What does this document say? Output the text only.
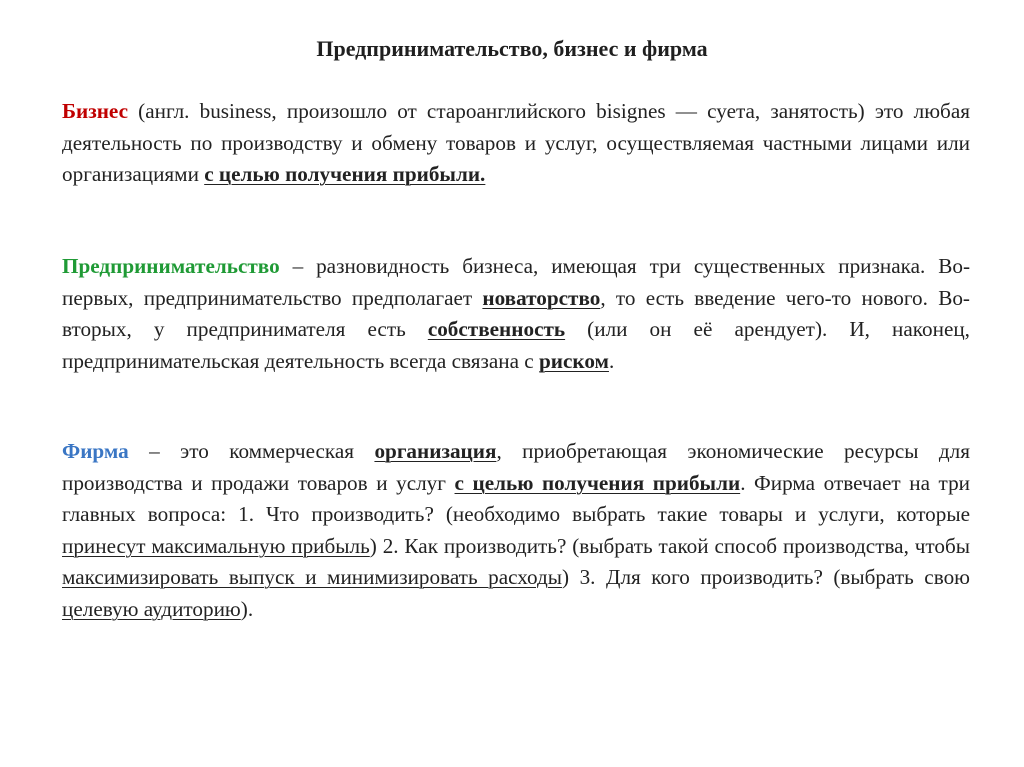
Предпринимательство, бизнес и фирма

Бизнес (англ. business, произошло от староанглийского bisignes — суета, занятость) это любая деятельность по производству и обмену товаров и услуг, осуществляемая частными лицами или организациями с целью получения прибыли.

Предпринимательство – разновидность бизнеса, имеющая три существенных признака. Во-первых, предпринимательство предполагает новаторство, то есть введение чего-то нового. Во-вторых, у предпринимателя есть собственность (или он её арендует). И, наконец, предпринимательская деятельность всегда связана с риском.

Фирма – это коммерческая организация, приобретающая экономические ресурсы для производства и продажи товаров и услуг с целью получения прибыли. Фирма отвечает на три главных вопроса: 1. Что производить? (необходимо выбрать такие товары и услуги, которые принесут максимальную прибыль) 2. Как производить? (выбрать такой способ производства, чтобы максимизировать выпуск и минимизировать расходы) 3. Для кого производить? (выбрать свою целевую аудиторию).
